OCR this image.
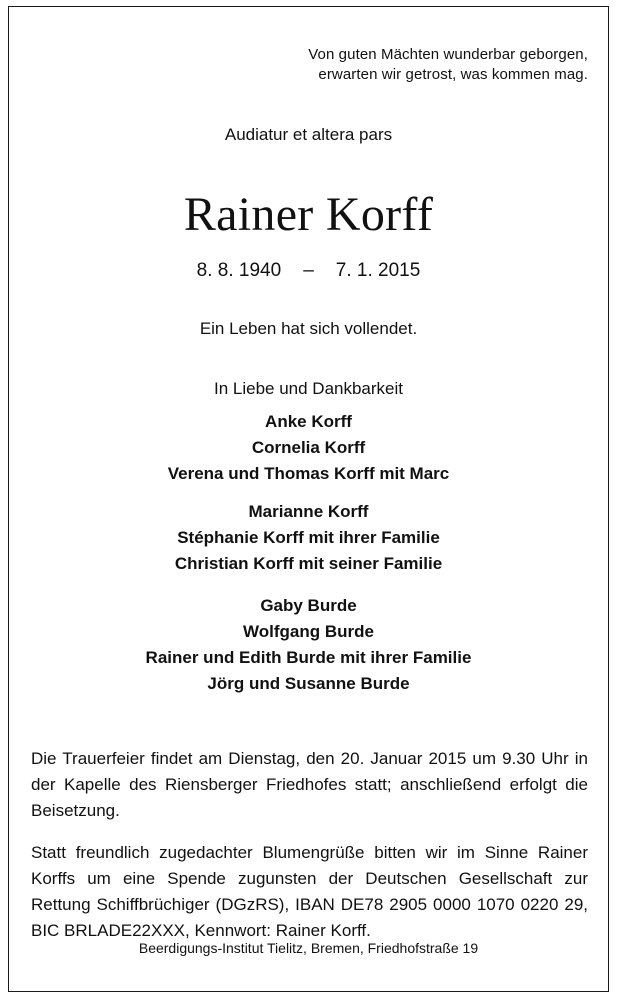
Von guten Mächten wunderbar geborgen,
erwarten wir getrost, was kommen mag.
Audiatur et altera pars
Rainer Korff
8. 8. 1940 – 7. 1. 2015
Ein Leben hat sich vollendet.
In Liebe und Dankbarkeit
Anke Korff
Cornelia Korff
Verena und Thomas Korff mit Marc
Marianne Korff
Stéphanie Korff mit ihrer Familie
Christian Korff mit seiner Familie
Gaby Burde
Wolfgang Burde
Rainer und Edith Burde mit ihrer Familie
Jörg und Susanne Burde

Die Trauerfeier findet am Dienstag, den 20. Januar 2015 um 9.30 Uhr in der Kapelle des Riensberger Friedhofes statt; anschließend erfolgt die Beisetzung.

Statt freundlich zugedachter Blumengrüße bitten wir im Sinne Rainer Korffs um eine Spende zugunsten der Deutschen Gesellschaft zur Rettung Schiffbrüchiger (DGzRS), IBAN DE78 2905 0000 1070 0220 29, BIC BRLADE22XXX, Kennwort: Rainer Korff.

Beerdigungs-Institut Tielitz, Bremen, Friedhofstraße 19
